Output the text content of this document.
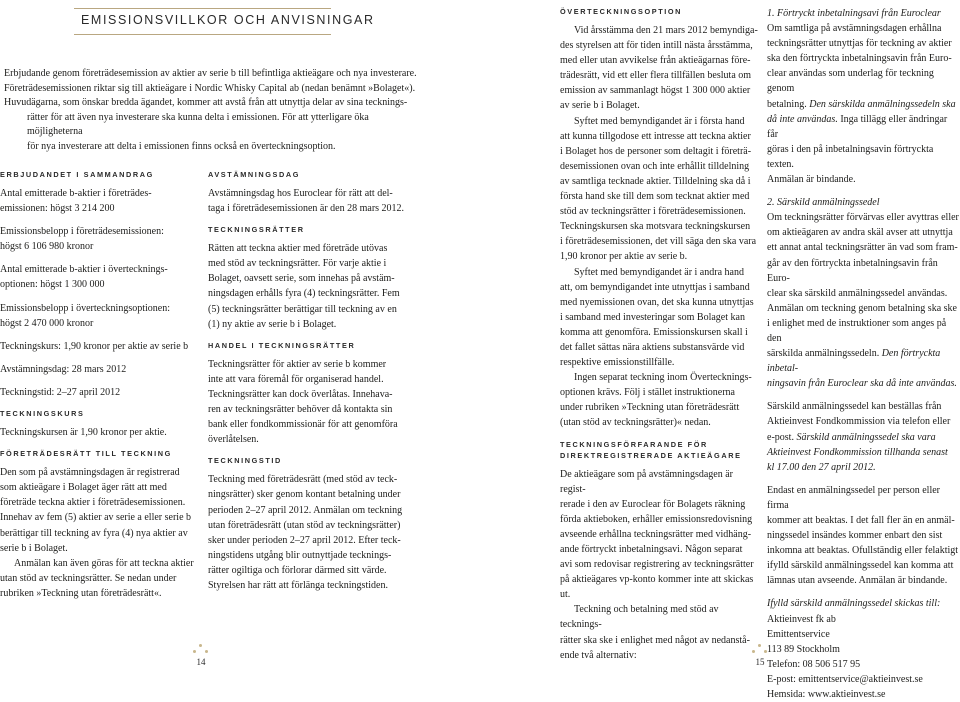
EMISSIONSVILLKOR OCH ANVISNINGAR

Erbjudande genom företrädesemission av aktier av serie b till befintliga aktieägare och nya investerare.

Företrädesemissionen riktar sig till aktieägare i Nordic Whisky Capital ab (nedan benämnt »Bolaget«).

Huvudägarna, som önskar bredda ägandet, kommer att avstå från att utnyttja delar av sina tecknings-

rätter för att även nya investerare ska kunna delta i emissionen. För att ytterligare öka möjligheterna

för nya investerare att delta i emissionen finns också en överteckningsoption.

ERBJUDANDET I SAMMANDRAG

Antal emitterade b-aktier i företrädes-

emissionen: högst 3 214 200

Emissionsbelopp i företrädesemissionen:

högst 6 106 980 kronor

Antal emitterade b-aktier i övertecknings-

optionen: högst 1 300 000

Emissionsbelopp i överteckningsoptionen:

högst 2 470 000 kronor

Teckningskurs: 1,90 kronor per aktie av serie b

Avstämningsdag: 28 mars 2012

Teckningstid: 2–27 april 2012

TECKNINGSKURS

Teckningskursen är 1,90 kronor per aktie.

FÖRETRÄDESRÄTT TILL TECKNING

Den som på avstämningsdagen är registrerad

som aktieägare i Bolaget äger rätt att med

företräde teckna aktier i företrädesemissionen.

Innehav av fem (5) aktier av serie a eller serie b

berättigar till teckning av fyra (4) nya aktier av

serie b i Bolaget.

Anmälan kan även göras för att teckna aktier

utan stöd av teckningsrätter. Se nedan under

rubriken »Teckning utan företrädesrätt«.

AVSTÄMNINGSDAG

Avstämningsdag hos Euroclear för rätt att del-

taga i företrädesemissionen är den 28 mars 2012.

TECKNINGSRÄTTER

Rätten att teckna aktier med företräde utövas

med stöd av teckningsrätter. För varje aktie i

Bolaget, oavsett serie, som innehas på avstäm-

ningsdagen erhålls fyra (4) teckningsrätter. Fem

(5) teckningsrätter berättigar till teckning av en

(1) ny aktie av serie b i Bolaget.

HANDEL I TECKNINGSRÄTTER

Teckningsrätter för aktier av serie b kommer

inte att vara föremål för organiserad handel.

Teckningsrätter kan dock överlåtas. Innehava-

ren av teckningsrätter behöver då kontakta sin

bank eller fondkommissionär för att genomföra

överlåtelsen.

TECKNINGSTID

Teckning med företrädesrätt (med stöd av teck-

ningsrätter) sker genom kontant betalning under

perioden 2–27 april 2012. Anmälan om teckning

utan företrädesrätt (utan stöd av teckningsrätter)

sker under perioden 2–27 april 2012. Efter teck-

ningstidens utgång blir outnyttjade tecknings-

rätter ogiltiga och förlorar därmed sitt värde.

Styrelsen har rätt att förlänga teckningstiden.

ÖVERTECKNINGSOPTION

Vid årsstämma den 21 mars 2012 bemyndiga-

des styrelsen att för tiden intill nästa årsstämma,

med eller utan avvikelse från aktieägarnas före-

trädesrätt, vid ett eller flera tillfällen besluta om

emission av sammanlagt högst 1 300 000 aktier

av serie b i Bolaget.

Syftet med bemyndigandet är i första hand

att kunna tillgodose ett intresse att teckna aktier

i Bolaget hos de personer som deltagit i företrä-

desemissionen ovan och inte erhållit tilldelning

av samtliga tecknade aktier. Tilldelning ska då i

första hand ske till dem som tecknat aktier med

stöd av teckningsrätter i företrädesemissionen.

Teckningskursen ska motsvara teckningskursen

i företrädesemissionen, det vill säga den ska vara

1,90 kronor per aktie av serie b.

Syftet med bemyndigandet är i andra hand

att, om bemyndigandet inte utnyttjas i samband

med nyemissionen ovan, det ska kunna utnyttjas

i samband med investeringar som Bolaget kan

komma att genomföra. Emissionskursen skall i

det fallet sättas nära aktiens substansvärde vid

respektive emissionstillfälle.

Ingen separat teckning inom Övertecknings-

optionen krävs. Följ i stället instruktionerna

under rubriken »Teckning utan företrädesrätt

(utan stöd av teckningsrätter)« nedan.

TECKNINGSFÖRFARANDE FÖR
DIREKTREGISTRERADE AKTIEÄGARE

De aktieägare som på avstämningsdagen är regist-

rerade i den av Euroclear för Bolagets räkning

förda aktieboken, erhåller emissionsredovisning

avseende erhållna teckningsrätter med vidhäng-

ande förtryckt inbetalningsavi. Någon separat

avi som redovisar registrering av teckningsrätter

på aktieägares vp-konto kommer inte att skickas ut.

Teckning och betalning med stöd av tecknings-

rätter ska ske i enlighet med något av nedanstå-

ende två alternativ:

1. Förtryckt inbetalningsavi från Euroclear

Om samtliga på avstämningsdagen erhållna

teckningsrätter utnyttjas för teckning av aktier

ska den förtryckta inbetalningsavin från Euro-

clear användas som underlag för teckning genom

betalning. Den särskilda anmälningssedeln ska

då inte användas. Inga tillägg eller ändringar får

göras i den på inbetalningsavin förtryckta texten.

Anmälan är bindande.

2. Särskild anmälningssedel

Om teckningsrätter förvärvas eller avyttras eller

om aktieägaren av andra skäl avser att utnyttja

ett annat antal teckningsrätter än vad som fram-

går av den förtryckta inbetalningsavin från Euro-

clear ska särskild anmälningssedel användas.

Anmälan om teckning genom betalning ska ske

i enlighet med de instruktioner som anges på den

särskilda anmälningssedeln. Den förtryckta inbetal-

ningsavin från Euroclear ska då inte användas.

Särskild anmälningssedel kan beställas från

Aktieinvest Fondkommission via telefon eller

e-post. Särskild anmälningssedel ska vara

Aktieinvest Fondkommission tillhanda senast

kl 17.00 den 27 april 2012.

Endast en anmälningssedel per person eller firma

kommer att beaktas. I det fall fler än en anmäl-

ningssedel insändes kommer enbart den sist

inkomna att beaktas. Ofullständig eller felaktigt

ifylld särskild anmälningssedel kan komma att

lämnas utan avseende. Anmälan är bindande.

Ifylld särskild anmälningssedel skickas till:

Aktieinvest fk ab

Emittentservice

113 89 Stockholm

Telefon: 08 506 517 95

E-post: emittentservice@aktieinvest.se

Hemsida: www.aktieinvest.se

14	15
